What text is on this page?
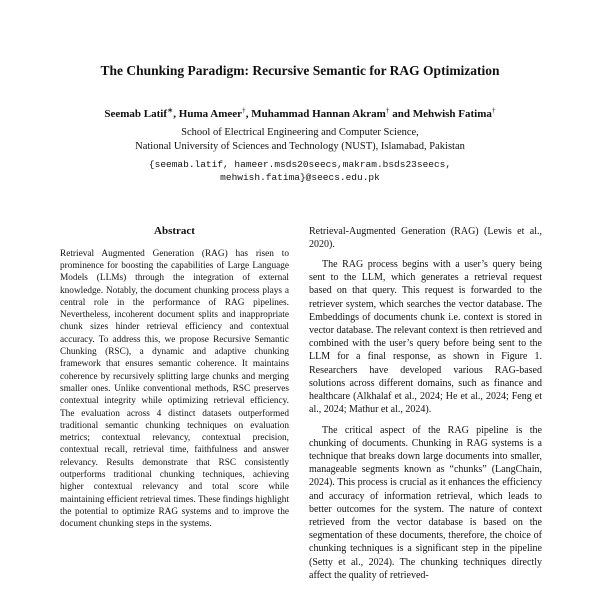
The Chunking Paradigm: Recursive Semantic for RAG Optimization
Seemab Latif∗, Huma Ameer†, Muhammad Hannan Akram† and Mehwish Fatima†

School of Electrical Engineering and Computer Science,

National University of Sciences and Technology (NUST), Islamabad, Pakistan

{seemab.latif, hameer.msds20seecs,makram.bsds23seecs,
mehwish.fatima}@seecs.edu.pk
Abstract

Retrieval Augmented Generation (RAG) has risen to prominence for boosting the capabilities of Large Language Models (LLMs) through the integration of external knowledge. Notably, the document chunking process plays a central role in the performance of RAG pipelines. Nevertheless, incoherent document splits and inappropriate chunk sizes hinder retrieval efficiency and contextual accuracy. To address this, we propose Recursive Semantic Chunking (RSC), a dynamic and adaptive chunking framework that ensures semantic coherence. It maintains coherence by recursively splitting large chunks and merging smaller ones. Unlike conventional methods, RSC preserves contextual integrity while optimizing retrieval efficiency. The evaluation across 4 distinct datasets outperformed traditional semantic chunking techniques on evaluation metrics; contextual relevancy, contextual precision, contextual recall, retrieval time, faithfulness and answer relevancy. Results demonstrate that RSC consistently outperforms traditional chunking techniques, achieving higher contextual relevancy and total score while maintaining efficient retrieval times. These findings highlight the potential to optimize RAG systems and to improve the document chunking steps in the systems.

Retrieval-Augmented Generation (RAG) (Lewis et al., 2020).

The RAG process begins with a user’s query being sent to the LLM, which generates a retrieval request based on that query. This request is forwarded to the retriever system, which searches the vector database. The Embeddings of documents chunk i.e. context is stored in vector database. The relevant context is then retrieved and combined with the user’s query before being sent to the LLM for a final response, as shown in Figure 1. Researchers have developed various RAG-based solutions across different domains, such as finance and healthcare (Alkhalaf et al., 2024; He et al., 2024; Feng et al., 2024; Mathur et al., 2024).

The critical aspect of the RAG pipeline is the chunking of documents. Chunking in RAG systems is a technique that breaks down large documents into smaller, manageable segments known as “chunks” (LangChain, 2024). This process is crucial as it enhances the efficiency and accuracy of information retrieval, which leads to better outcomes for the system. The nature of context retrieved from the vector database is based on the segmentation of these documents, therefore, the choice of chunking techniques is a significant step in the pipeline (Setty et al., 2024). The chunking techniques directly affect the quality of retrieved-
